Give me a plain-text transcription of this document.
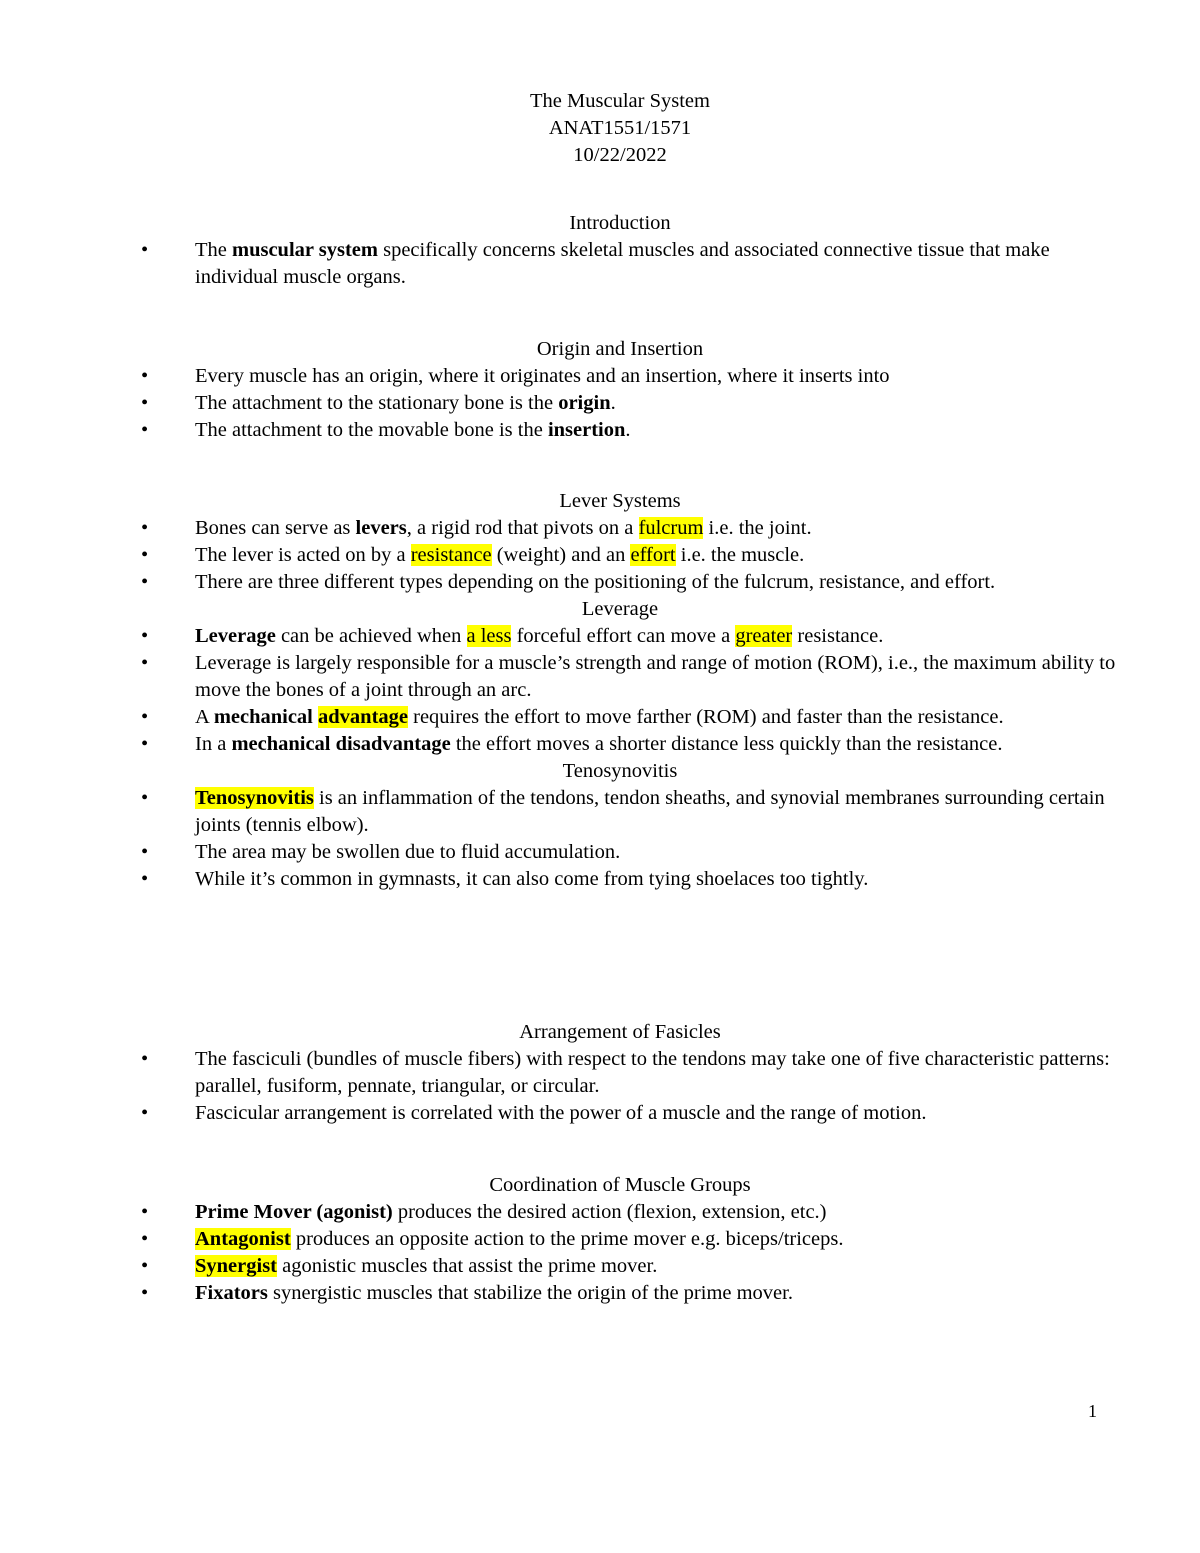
The Muscular System
ANAT1551/1571
10/22/2022
Introduction
• The muscular system specifically concerns skeletal muscles and associated connective tissue that make individual muscle organs.
Origin and Insertion
• Every muscle has an origin, where it originates and an insertion, where it inserts into
• The attachment to the stationary bone is the origin.
• The attachment to the movable bone is the insertion.
Lever Systems
• Bones can serve as levers, a rigid rod that pivots on a fulcrum i.e. the joint.
• The lever is acted on by a resistance (weight) and an effort i.e. the muscle.
• There are three different types depending on the positioning of the fulcrum, resistance, and effort.
Leverage
• Leverage can be achieved when a less forceful effort can move a greater resistance.
• Leverage is largely responsible for a muscle’s strength and range of motion (ROM), i.e., the maximum ability to move the bones of a joint through an arc.
• A mechanical advantage requires the effort to move farther (ROM) and faster than the resistance.
• In a mechanical disadvantage the effort moves a shorter distance less quickly than the resistance.
Tenosynovitis
• Tenosynovitis is an inflammation of the tendons, tendon sheaths, and synovial membranes surrounding certain joints (tennis elbow).
• The area may be swollen due to fluid accumulation.
• While it’s common in gymnasts, it can also come from tying shoelaces too tightly.
Arrangement of Fasicles
• The fasciculi (bundles of muscle fibers) with respect to the tendons may take one of five characteristic patterns: parallel, fusiform, pennate, triangular, or circular.
• Fascicular arrangement is correlated with the power of a muscle and the range of motion.
Coordination of Muscle Groups
• Prime Mover (agonist) produces the desired action (flexion, extension, etc.)
• Antagonist produces an opposite action to the prime mover e.g. biceps/triceps.
• Synergist agonistic muscles that assist the prime mover.
• Fixators synergistic muscles that stabilize the origin of the prime mover.
1
